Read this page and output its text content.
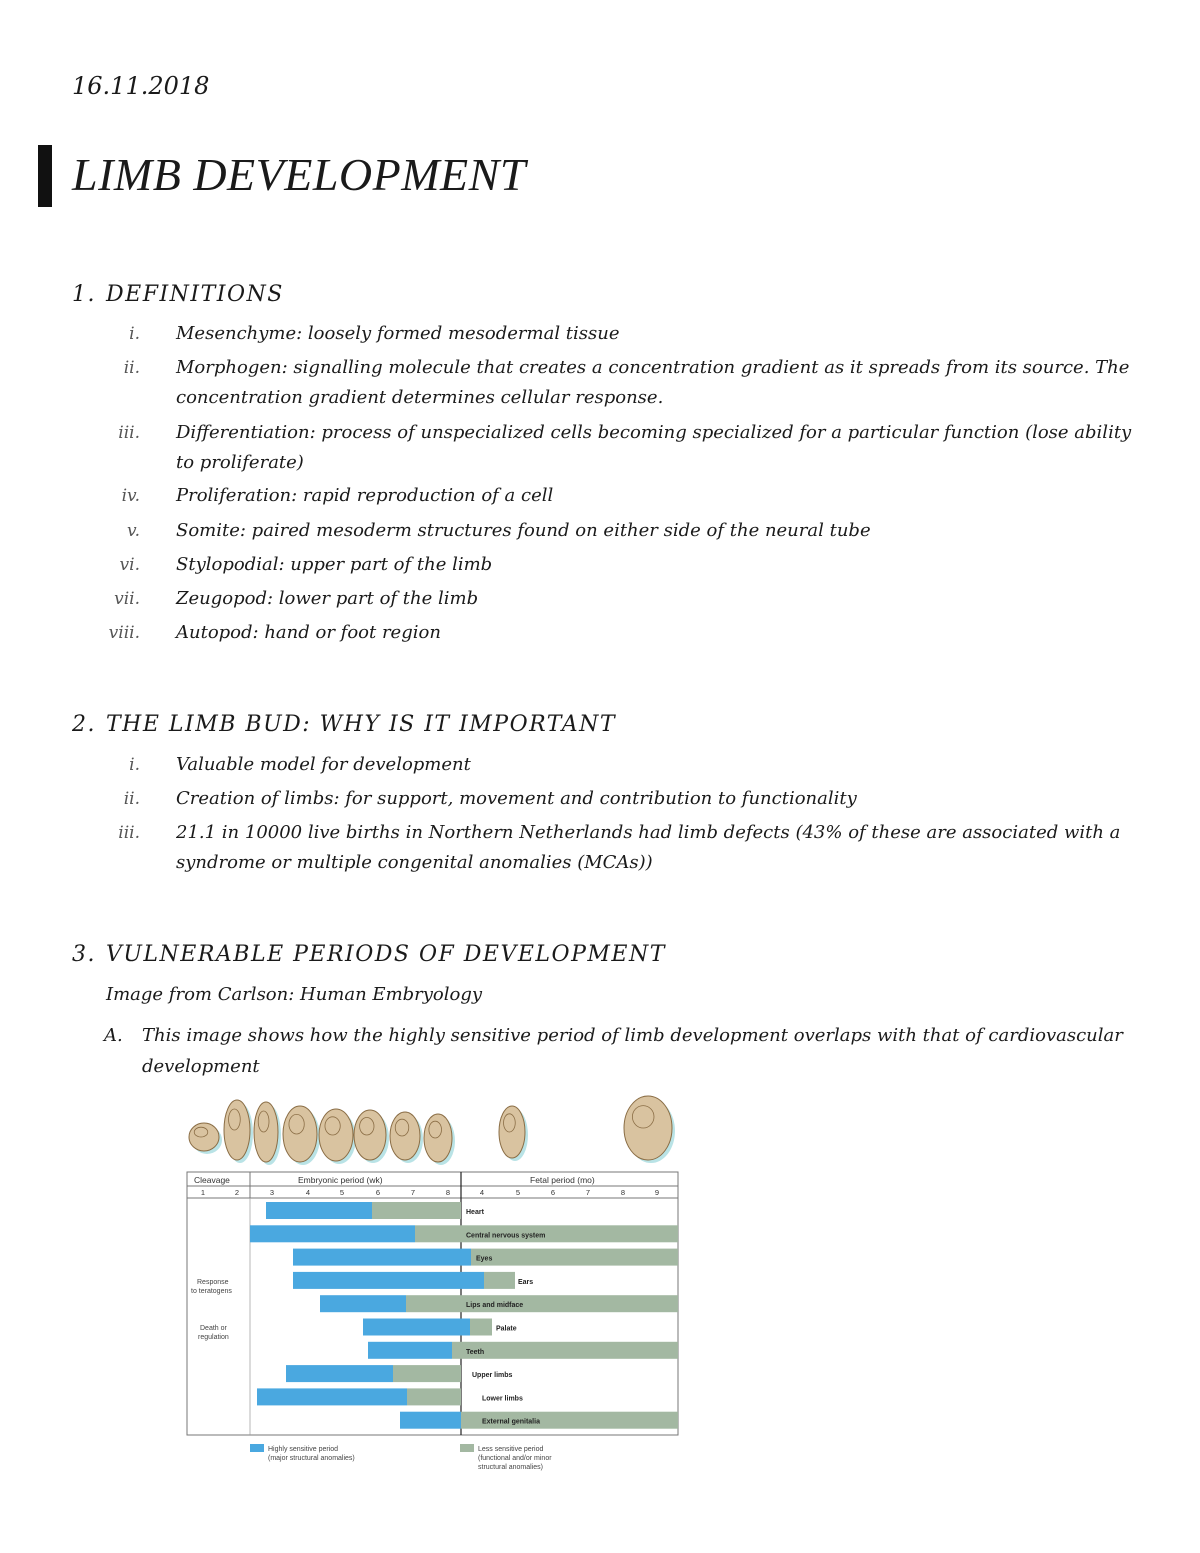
16.11.2018
LIMB DEVELOPMENT
1. DEFINITIONS
i. Mesenchyme: loosely formed mesodermal tissue
ii. Morphogen: signalling molecule that creates a concentration gradient as it spreads from its source. The concentration gradient determines cellular response.
iii. Differentiation: process of unspecialized cells becoming specialized for a particular function (lose ability to proliferate)
iv. Proliferation: rapid reproduction of a cell
v. Somite: paired mesoderm structures found on either side of the neural tube
vi. Stylopodial: upper part of the limb
vii. Zeugopod: lower part of the limb
viii. Autopod: hand or foot region
2. THE LIMB BUD: WHY IS IT IMPORTANT
i. Valuable model for development
ii. Creation of limbs: for support, movement and contribution to functionality
iii. 21.1 in 10000 live births in Northern Netherlands had limb defects (43% of these are associated with a syndrome or multiple congenital anomalies (MCAs))
3. VULNERABLE PERIODS OF DEVELOPMENT
Image from Carlson: Human Embryology
A. This image shows how the highly sensitive period of limb development overlaps with that of cardiovascular development
Cleavage	Embryonic period (wk)	Fetal period (mo)
1	2	3	4	5	6	7	8	4	5	6	7	8	9
Response to teratogens
Death or regulation
Heart
Central nervous system
Eyes
Ears
Lips and midface
Palate
Teeth
Upper limbs
Lower limbs
External genitalia
Highly sensitive period
(major structural anomalies)
Less sensitive period
(functional and/or minor
structural anomalies)
